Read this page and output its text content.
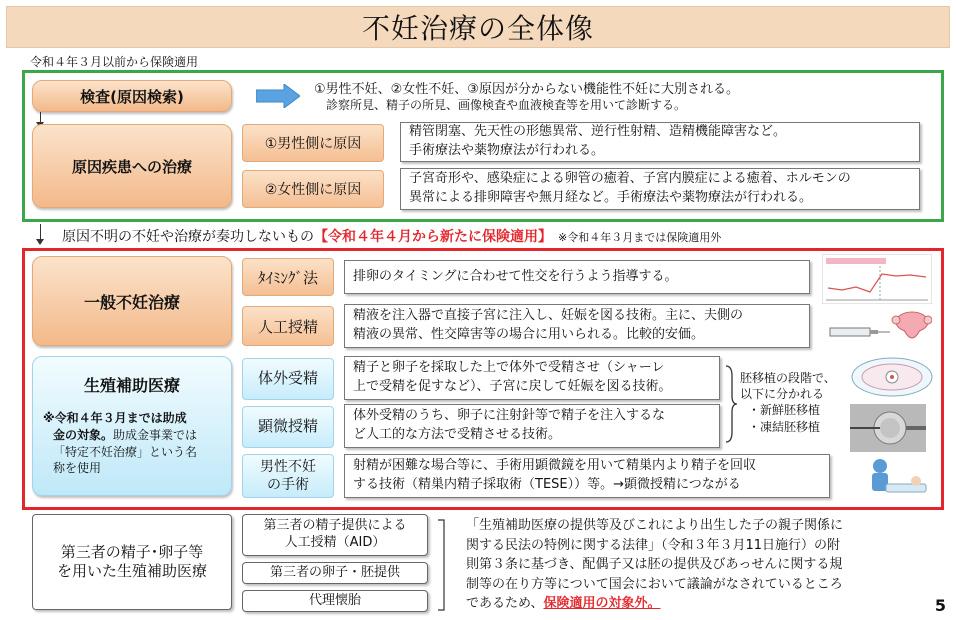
不妊治療の全体像
令和４年３月以前から保険適用
検査(原因検索)	①男性不妊、②女性不妊、③原因が分からない機能性不妊に大別される。
診察所見、精子の所見、画像検査や血液検査等を用いて診断する。
原因疾患への治療
①男性側に原因
精管閉塞、先天性の形態異常、逆行性射精、造精機能障害など。
手術療法や薬物療法が行われる。
②女性側に原因
子宮奇形や、感染症による卵管の癒着、子宮内膜症による癒着、ホルモンの
異常による排卵障害や無月経など。手術療法や薬物療法が行われる。
原因不明の不妊や治療が奏功しないもの【令和４年４月から新たに保険適用】 ※令和４年３月までは保険適用外
一般不妊治療
ﾀｲﾐﾝｸﾞ法	排卵のタイミングに合わせて性交を行うよう指導する。
人工授精
精液を注入器で直接子宮に注入し、妊娠を図る技術。主に、夫側の
精液の異常、性交障害等の場合に用いられる。比較的安価。
生殖補助医療
※令和４年３月までは助成
金の対象。助成金事業では
「特定不妊治療」という名
称を使用
体外受精
精子と卵子を採取した上で体外で受精させ（シャーレ
上で受精を促すなど）、子宮に戻して妊娠を図る技術。
顕微授精
体外受精のうち、卵子に注射針等で精子を注入するな
ど人工的な方法で受精させる技術。
胚移植の段階で、
以下に分かれる
・新鮮胚移植
・凍結胚移植
男性不妊
の手術
射精が困難な場合等に、手術用顕微鏡を用いて精巣内より精子を回収
する技術（精巣内精子採取術（TESE））等。→顕微授精につながる
第三者の精子･卵子等
を用いた生殖補助医療
第三者の精子提供による
人工授精（AID）
第三者の卵子・胚提供
代理懐胎
「生殖補助医療の提供等及びこれにより出生した子の親子関係に
関する民法の特例に関する法律」（令和３年３月11日施行）の附
則第３条に基づき、配偶子又は胚の提供及びあっせんに関する規
制等の在り方等について国会において議論がなされているところ
であるため、保険適用の対象外。	5
